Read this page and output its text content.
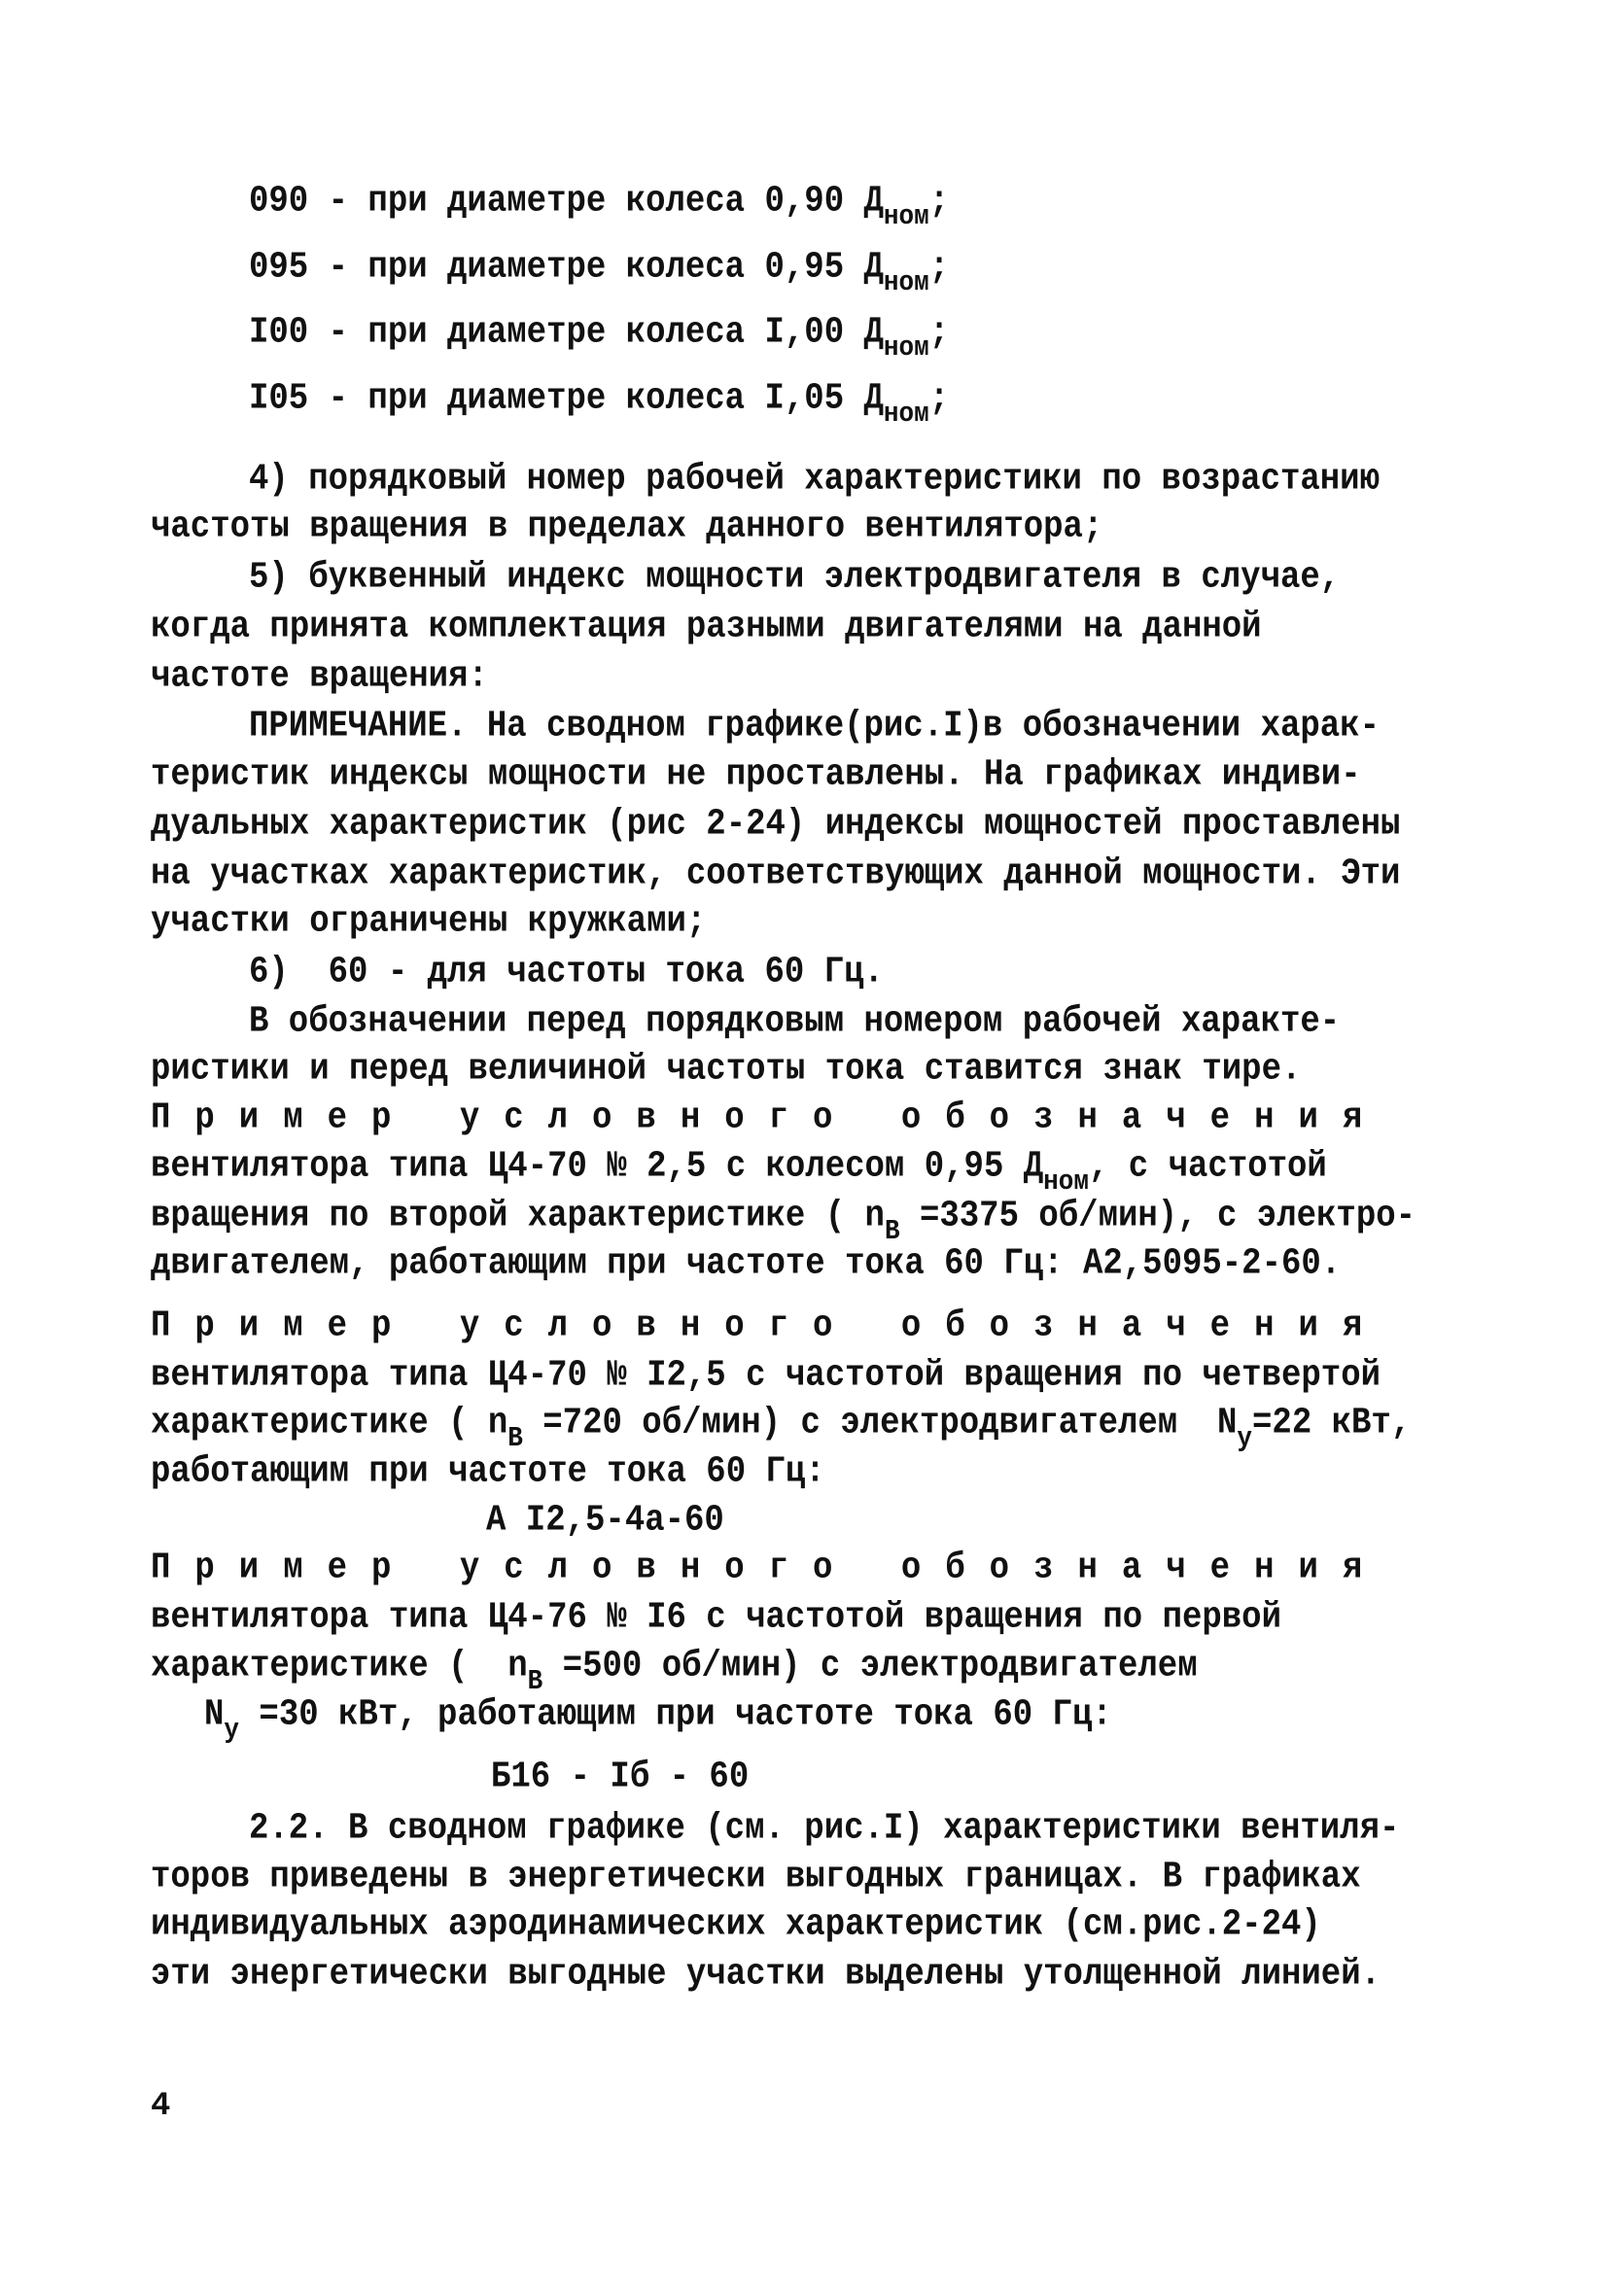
090 - при диаметре колеса 0,90 $Д_{ном}$;
095 - при диаметре колеса 0,95 $Д_{ном}$;
I00 - при диаметре колеса I,00 $Д_{ном}$;
I05 - при диаметре колеса I,05 $Д_{ном}$;
4) порядковый номер рабочей характеристики по возрастанию
частоты вращения в пределах данного вентилятора;
5) буквенный индекс мощности электродвигателя в случае,
когда принята комплектация разными двигателями на данной
частоте вращения:
ПРИМЕЧАНИЕ. На сводном графике(рис.I)в обозначении харак-
теристик индексы мощности не проставлены. На графиках индиви-
дуальных характеристик (рис 2-24) индексы мощностей проставлены
на участках характеристик, соответствующих данной мощности. Эти
участки ограничены кружками;
6)  60 - для частоты тока 60 Гц.
В обозначении перед порядковым номером рабочей характе-
ристики и перед величиной частоты тока ставится знак тире.
Пример условного обозначения
вентилятора типа Ц4-70 № 2,5 с колесом 0,95 $Д_{ном}$, с частотой
вращения по второй характеристике ( $n_В =3375$ об/мин), с электро-
двигателем, работающим при частоте тока 60 Гц: А2,5095-2-60.
Пример условного обозначения
вентилятора типа Ц4-70 № I2,5 с частотой вращения по четвертой
характеристике ( $n_В =720$ об/мин) с электродвигателем  $N_у=22$ кВт,
работающим при частоте тока 60 Гц:
А I2,5-4а-60
Пример условного обозначения
вентилятора типа Ц4-76 № I6 с частотой вращения по первой
характеристике (  $n_В =500$ об/мин) с электродвигателем
$N_у =30$ кВт, работающим при частоте тока 60 Гц:
Б16 - Iб - 60
2.2. В сводном графике (см. рис.I) характеристики вентиля-
торов приведены в энергетически выгодных границах. В графиках
индивидуальных аэродинамических характеристик (см.рис.2-24)
эти энергетически выгодные участки выделены утолщенной линией.
4
